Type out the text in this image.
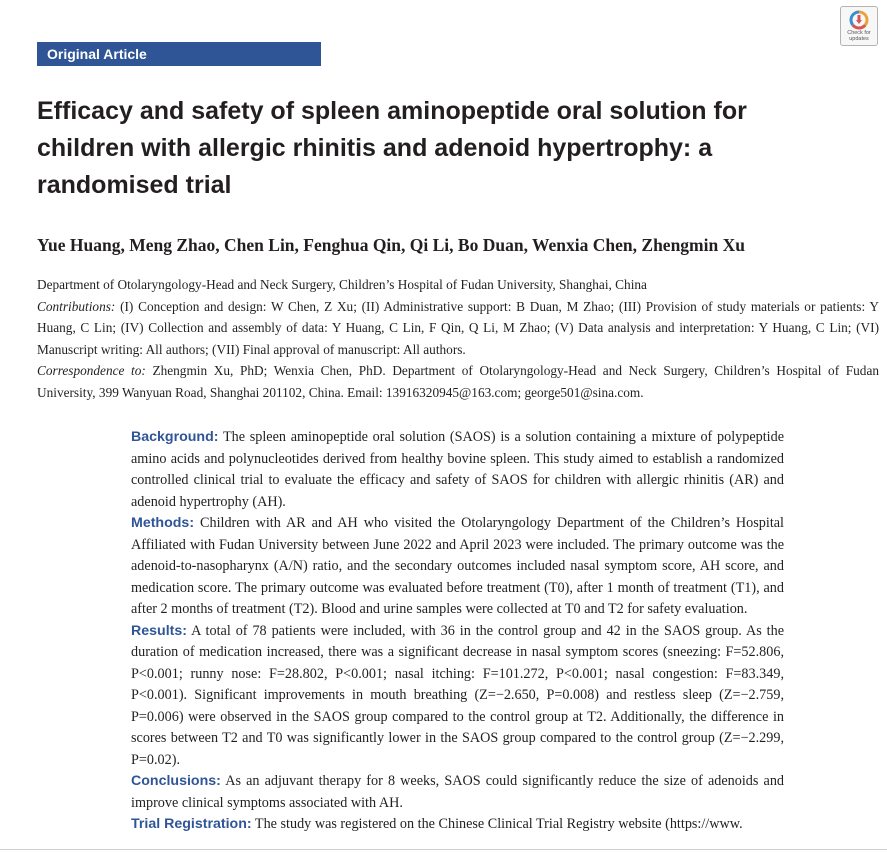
Original Article
Check for updates
Efficacy and safety of spleen aminopeptide oral solution for children with allergic rhinitis and adenoid hypertrophy: a randomised trial
Yue Huang, Meng Zhao, Chen Lin, Fenghua Qin, Qi Li, Bo Duan, Wenxia Chen, Zhengmin Xu

Department of Otolaryngology-Head and Neck Surgery, Children’s Hospital of Fudan University, Shanghai, China

Contributions: (I) Conception and design: W Chen, Z Xu; (II) Administrative support: B Duan, M Zhao; (III) Provision of study materials or patients: Y Huang, C Lin; (IV) Collection and assembly of data: Y Huang, C Lin, F Qin, Q Li, M Zhao; (V) Data analysis and interpretation: Y Huang, C Lin; (VI) Manuscript writing: All authors; (VII) Final approval of manuscript: All authors.

Correspondence to: Zhengmin Xu, PhD; Wenxia Chen, PhD. Department of Otolaryngology-Head and Neck Surgery, Children’s Hospital of Fudan University, 399 Wanyuan Road, Shanghai 201102, China. Email: 13916320945@163.com; george501@sina.com.

Background: The spleen aminopeptide oral solution (SAOS) is a solution containing a mixture of polypeptide amino acids and polynucleotides derived from healthy bovine spleen. This study aimed to establish a randomized controlled clinical trial to evaluate the efficacy and safety of SAOS for children with allergic rhinitis (AR) and adenoid hypertrophy (AH).

Methods: Children with AR and AH who visited the Otolaryngology Department of the Children’s Hospital Affiliated with Fudan University between June 2022 and April 2023 were included. The primary outcome was the adenoid-to-nasopharynx (A/N) ratio, and the secondary outcomes included nasal symptom score, AH score, and medication score. The primary outcome was evaluated before treatment (T0), after 1 month of treatment (T1), and after 2 months of treatment (T2). Blood and urine samples were collected at T0 and T2 for safety evaluation.

Results: A total of 78 patients were included, with 36 in the control group and 42 in the SAOS group. As the duration of medication increased, there was a significant decrease in nasal symptom scores (sneezing: F=52.806, P<0.001; runny nose: F=28.802, P<0.001; nasal itching: F=101.272, P<0.001; nasal congestion: F=83.349, P<0.001). Significant improvements in mouth breathing (Z=−2.650, P=0.008) and restless sleep (Z=−2.759, P=0.006) were observed in the SAOS group compared to the control group at T2. Additionally, the difference in scores between T2 and T0 was significantly lower in the SAOS group compared to the control group (Z=−2.299, P=0.02).

Conclusions: As an adjuvant therapy for 8 weeks, SAOS could significantly reduce the size of adenoids and improve clinical symptoms associated with AH.

Trial Registration: The study was registered on the Chinese Clinical Trial Registry website (https://www.
